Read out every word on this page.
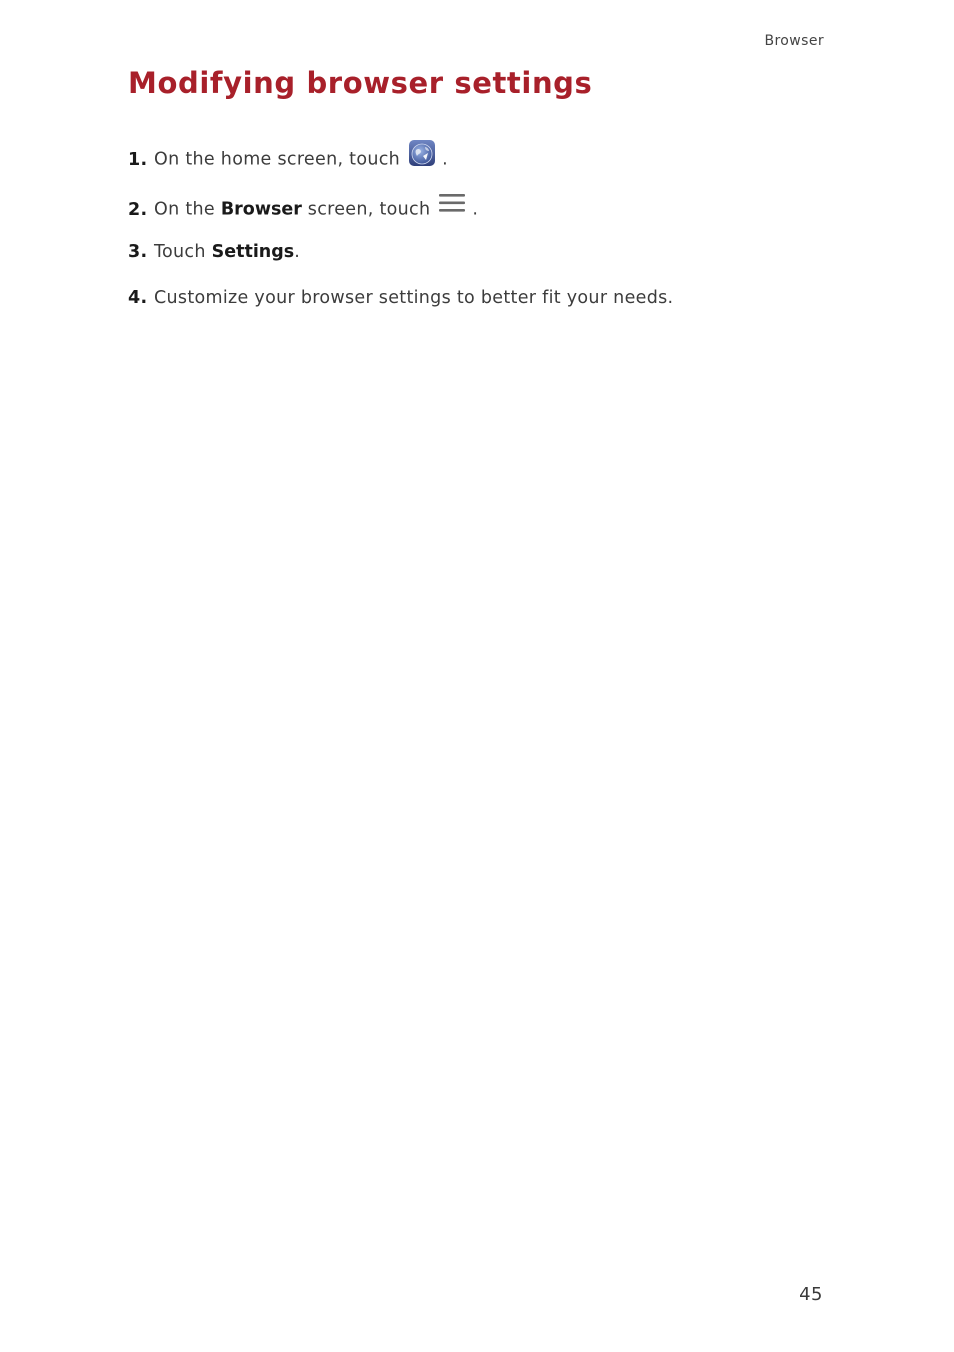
Browser
Modifying browser settings
1. On the home screen, touch .
2. On the Browser screen, touch .
3. Touch Settings.
4. Customize your browser settings to better fit your needs.
45
